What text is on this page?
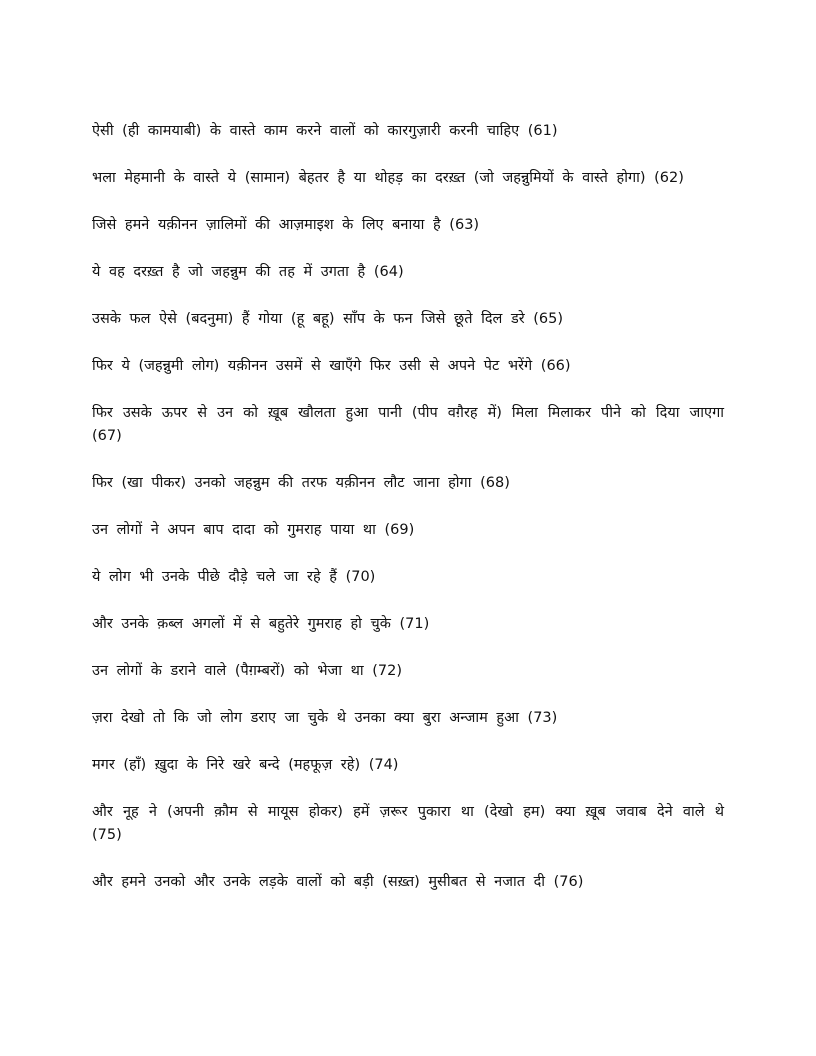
ऐसी (ही कामयाबी) के वास्ते काम करने वालों को कारगुज़ारी करनी चाहिए (61)
भला मेहमानी के वास्ते ये (सामान) बेहतर है या थोहड़ का दरख़्त (जो जहन्नुमियों के वास्ते होगा) (62)
जिसे हमने यक़ीनन ज़ालिमों की आज़माइश के लिए बनाया है (63)
ये वह दरख़्त है जो जहन्नुम की तह में उगता है (64)
उसके फल ऐसे (बदनुमा) हैं गोया (हू बहू) साँप के फन जिसे छूते दिल डरे (65)
फिर ये (जहन्नुमी लोग) यक़ीनन उसमें से खाएँगे फिर उसी से अपने पेट भरेंगे (66)
फिर उसके ऊपर से उन को ख़ूब खौलता हुआ पानी (पीप वगै़रह में) मिला मिलाकर पीने को दिया जाएगा (67)
फिर (खा पीकर) उनको जहन्नुम की तरफ यक़ीनन लौट जाना होगा (68)
उन लोगों ने अपन बाप दादा को गुमराह पाया था (69)
ये लोग भी उनके पीछे दौड़े चले जा रहे हैं (70)
और उनके क़ब्ल अगलों में से बहुतेरे गुमराह हो चुके (71)
उन लोगों के डराने वाले (पैग़म्बरों) को भेजा था (72)
ज़रा देखो तो कि जो लोग डराए जा चुके थे उनका क्या बुरा अन्जाम हुआ (73)
मगर (हाँ) ख़ुदा के निरे खरे बन्दे (महफूज़ रहे) (74)
और नूह ने (अपनी क़ौम से मायूस होकर) हमें ज़रूर पुकारा था (देखो हम) क्या ख़ूब जवाब देने वाले थे (75)
और हमने उनको और उनके लड़के वालों को बड़ी (सख़्त) मुसीबत से नजात दी (76)
